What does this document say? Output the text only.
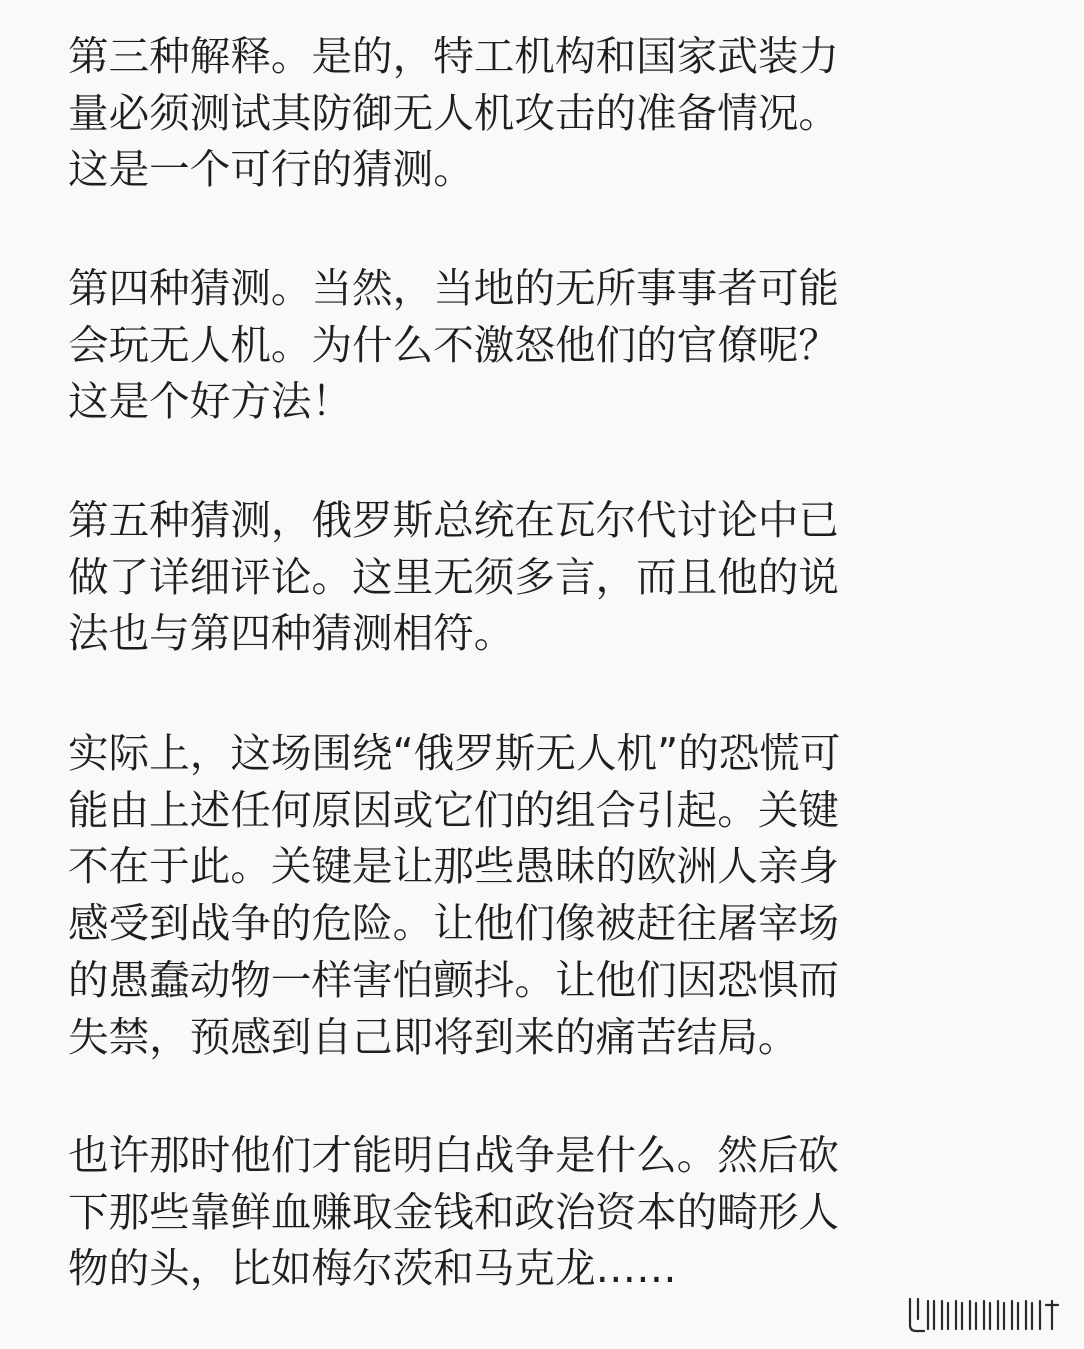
第三种解释。是的，特工机构和国家武装力
量必须测试其防御无人机攻击的准备情况。
这是一个可行的猜测。

第四种猜测。当然，当地的无所事事者可能
会玩无人机。为什么不激怒他们的官僚呢？
这是个好方法！

第五种猜测，俄罗斯总统在瓦尔代讨论中已
做了详细评论。这里无须多言，而且他的说
法也与第四种猜测相符。

实际上，这场围绕“俄罗斯无人机”的恐慌可
能由上述任何原因或它们的组合引起。关键
不在于此。关键是让那些愚昧的欧洲人亲身
感受到战争的危险。让他们像被赶往屠宰场
的愚蠢动物一样害怕颤抖。让他们因恐惧而
失禁，预感到自己即将到来的痛苦结局。

也许那时他们才能明白战争是什么。然后砍
下那些靠鲜血赚取金钱和政治资本的畸形人
物的头，比如梅尔茨和马克龙……
